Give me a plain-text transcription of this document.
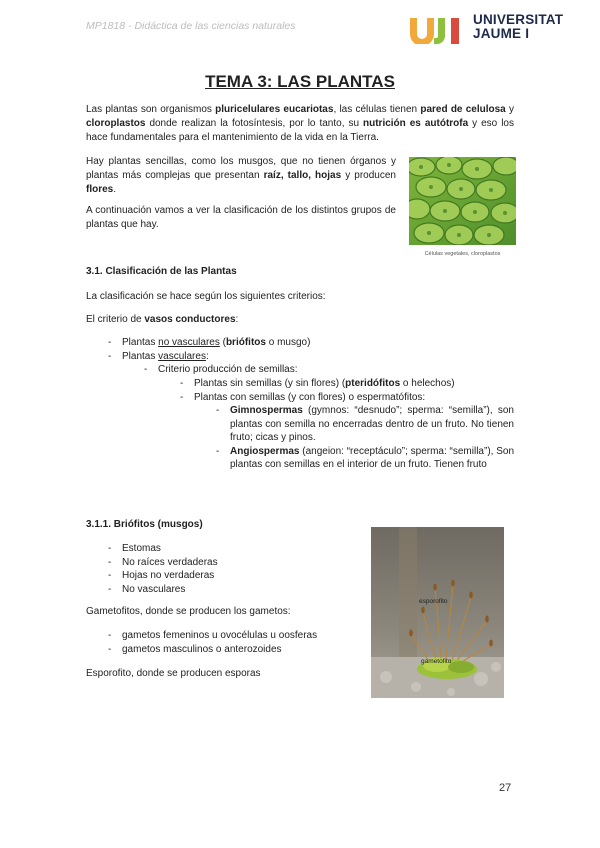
MP1818 - Didáctica de las ciencias naturales	UNIVERSITAT
JAUME I
TEMA 3: LAS PLANTAS
Las plantas son organismos pluricelulares eucariotas, las células tienen pared de celulosa y cloroplastos donde realizan la fotosíntesis, por lo tanto, su nutrición es autótrofa y eso los hace fundamentales para el mantenimiento de la vida en la Tierra.
Hay plantas sencillas, como los musgos, que no tienen órganos y plantas más complejas que presentan raíz, tallo, hojas y producen flores.
A continuación vamos a ver la clasificación de los distintos grupos de plantas que hay.
Células vegetales, cloroplastos
3.1. Clasificación de las Plantas
La clasificación se hace según los siguientes criterios:
El criterio de vasos conductores:
- Plantas no vasculares (briófitos o musgo)
- Plantas vasculares:
- Criterio producción de semillas:
- Plantas sin semillas (y sin flores) (pteridófitos o helechos)
- Plantas con semillas (y con flores) o espermatófitos:
- Gimnospermas (gymnos: “desnudo”; sperma: “semilla”), son plantas con semilla no encerradas dentro de un fruto. No tienen fruto; cicas y pinos.
- Angiospermas (angeion: “receptáculo”; sperma: “semilla”), Son plantas con semillas en el interior de un fruto. Tienen fruto
3.1.1. Briófitos (musgos)
- Estomas
- No raíces verdaderas
- Hojas no verdaderas
- No vasculares
Gametofitos, donde se producen los gametos:
- gametos femeninos u ovocélulas u oosferas
- gametos masculinos o anterozoides
Esporofito, donde se producen esporas
esporofito
gametofito
27
